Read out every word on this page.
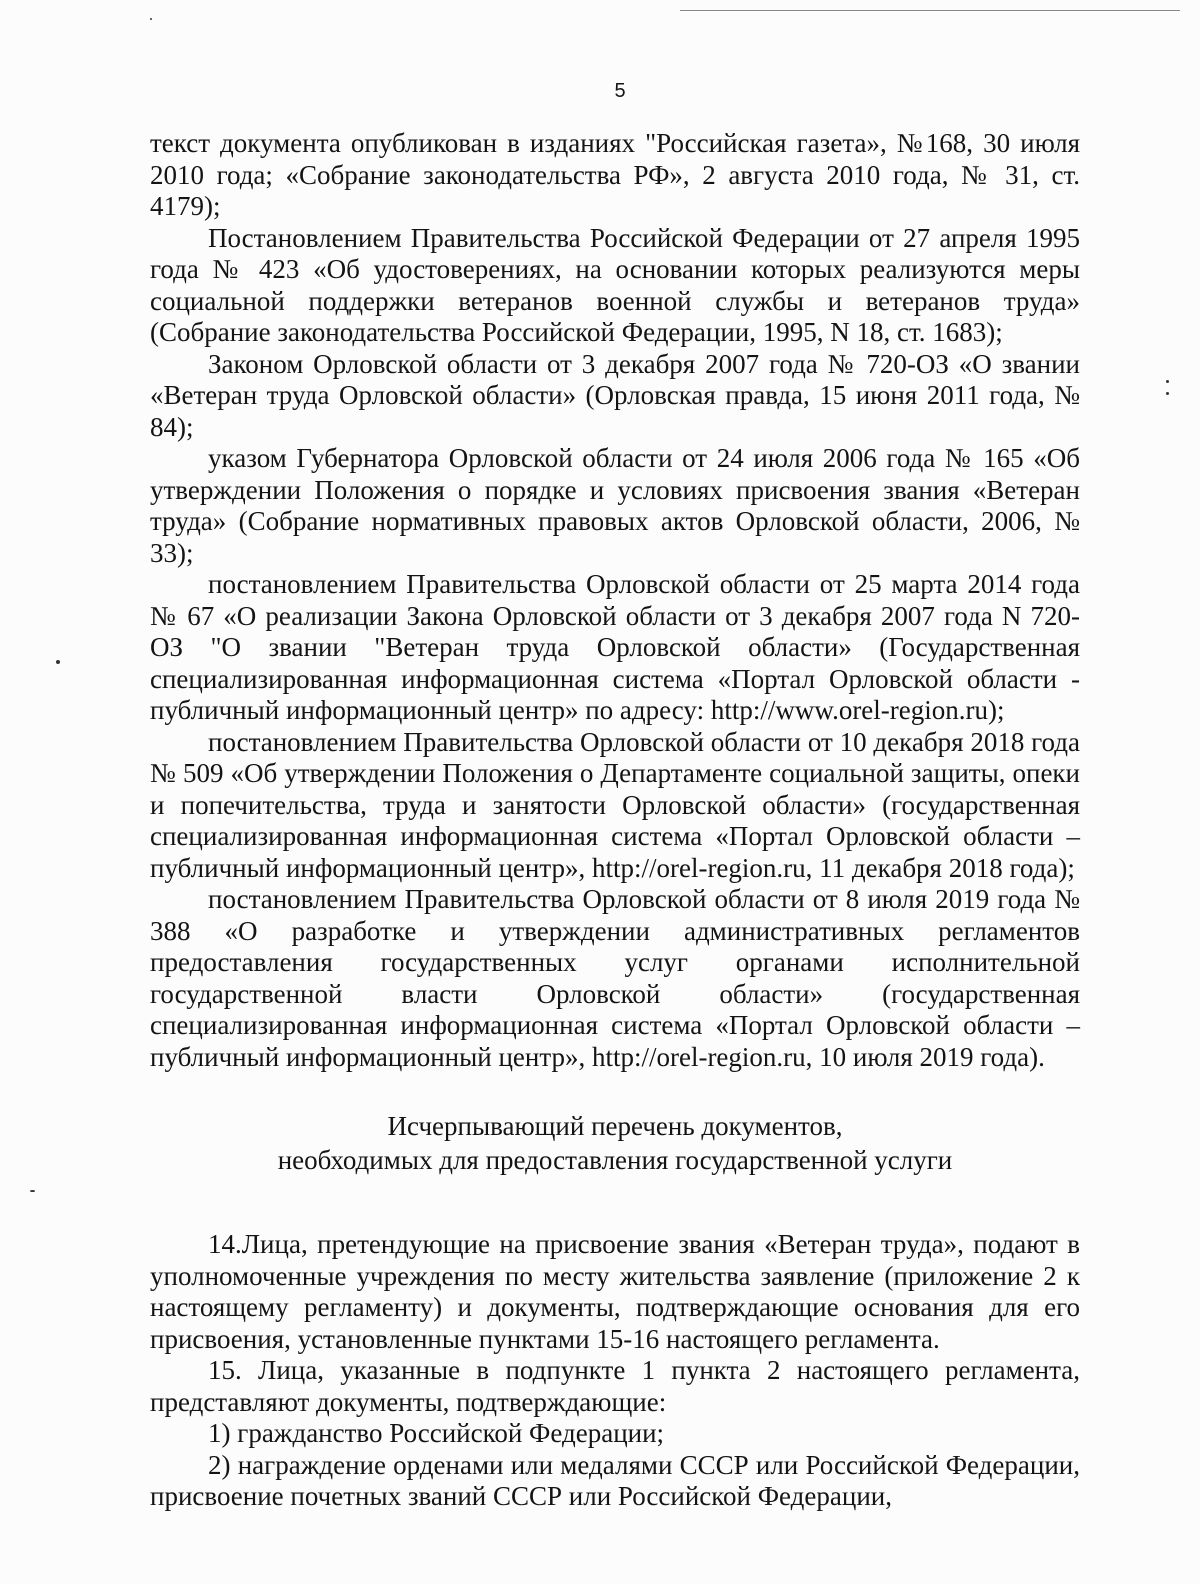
5

текст документа опубликован в изданиях "Российская газета», №168, 30 июля 2010 года; «Собрание законодательства РФ», 2 августа 2010 года, № 31, ст. 4179);

Постановлением Правительства Российской Федерации от 27 апреля 1995 года № 423 «Об удостоверениях, на основании которых реализуются меры социальной поддержки ветеранов военной службы и ветеранов труда» (Собрание законодательства Российской Федерации, 1995, N 18, ст. 1683);

Законом Орловской области от 3 декабря 2007 года № 720-ОЗ «О звании «Ветеран труда Орловской области» (Орловская правда, 15 июня 2011 года, № 84);

указом Губернатора Орловской области от 24 июля 2006 года № 165 «Об утверждении Положения о порядке и условиях присвоения звания «Ветеран труда» (Собрание нормативных правовых актов Орловской области, 2006, № 33);

постановлением Правительства Орловской области от 25 марта 2014 года № 67 «О реализации Закона Орловской области от 3 декабря 2007 года N 720-ОЗ "О звании "Ветеран труда Орловской области» (Государственная специализированная информационная система «Портал Орловской области - публичный информационный центр» по адресу: http://www.orel-region.ru);

постановлением Правительства Орловской области от 10 декабря 2018 года № 509 «Об утверждении Положения о Департаменте социальной защиты, опеки и попечительства, труда и занятости Орловской области» (государственная специализированная информационная система «Портал Орловской области – публичный информационный центр», http://orel-region.ru, 11 декабря 2018 года);

постановлением Правительства Орловской области от 8 июля 2019 года № 388 «О разработке и утверждении административных регламентов предоставления государственных услуг органами исполнительной государственной власти Орловской области» (государственная специализированная информационная система «Портал Орловской области – публичный информационный центр», http://orel-region.ru, 10 июля 2019 года).

Исчерпывающий перечень документов,
необходимых для предоставления государственной услуги

14.Лица, претендующие на присвоение звания «Ветеран труда», подают в уполномоченные учреждения по месту жительства заявление (приложение 2 к настоящему регламенту) и документы, подтверждающие основания для его присвоения, установленные пунктами 15-16 настоящего регламента.

15. Лица, указанные в подпункте 1 пункта 2 настоящего регламента, представляют документы, подтверждающие:

1) гражданство Российской Федерации;

2) награждение орденами или медалями СССР или Российской Федерации, присвоение почетных званий СССР или Российской Федерации,
